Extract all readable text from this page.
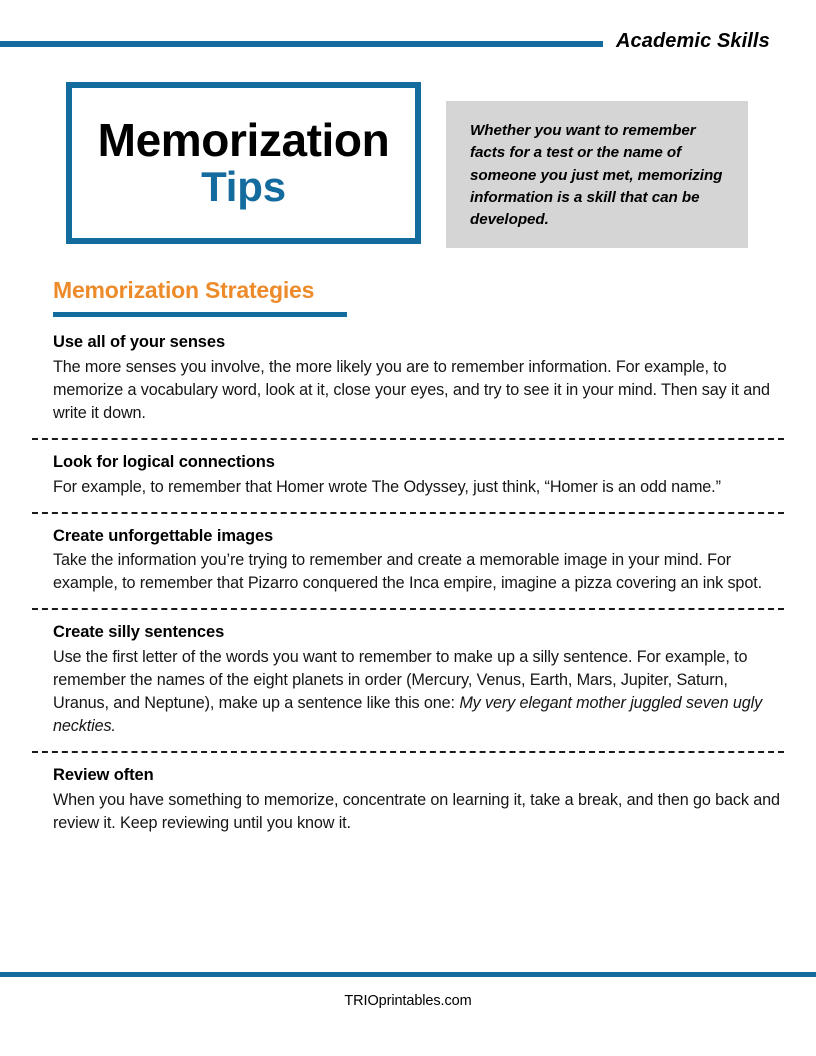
Academic Skills
Memorization
Tips
Whether you want to remember facts for a test or the name of someone you just met, memorizing information is a skill that can be developed.
Memorization Strategies
Use all of your senses
The more senses you involve, the more likely you are to remember information. For example, to memorize a vocabulary word, look at it, close your eyes, and try to see it in your mind. Then say it and write it down.
Look for logical connections
For example, to remember that Homer wrote The Odyssey, just think, “Homer is an odd name.”
Create unforgettable images
Take the information you’re trying to remember and create a memorable image in your mind. For example, to remember that Pizarro conquered the Inca empire, imagine a pizza covering an ink spot.
Create silly sentences
Use the first letter of the words you want to remember to make up a silly sentence. For example, to remember the names of the eight planets in order (Mercury, Venus, Earth, Mars, Jupiter, Saturn, Uranus, and Neptune), make up a sentence like this one: My very elegant mother juggled seven ugly neckties.
Review often
When you have something to memorize, concentrate on learning it, take a break, and then go back and review it. Keep reviewing until you know it.
TRIOprintables.com
